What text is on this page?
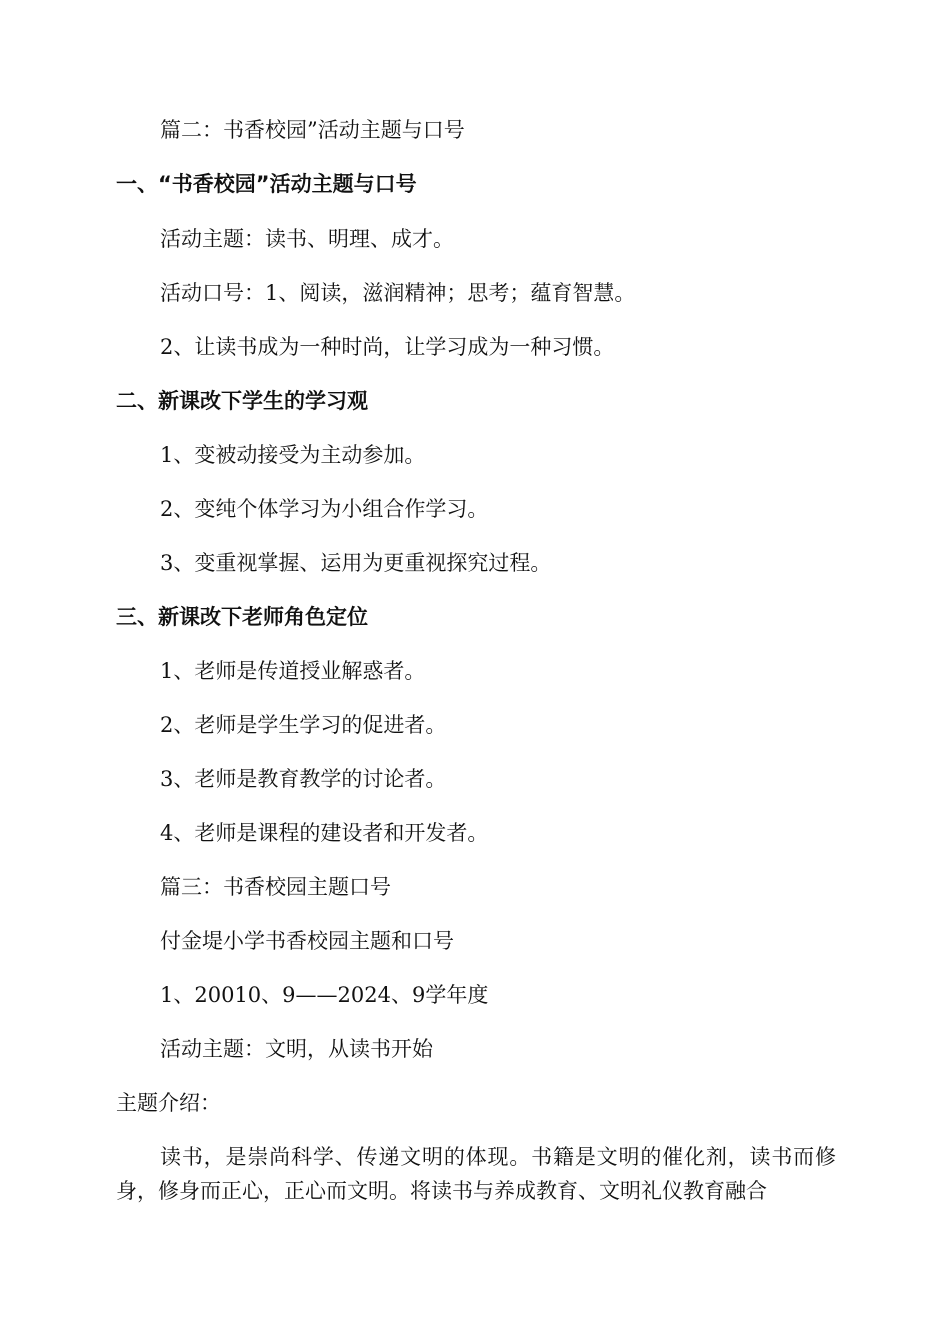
篇二：书香校园”活动主题与口号

一、“书香校园”活动主题与口号

活动主题：读书、明理、成才。

活动口号：1、阅读，滋润精神；思考；蕴育智慧。

2、让读书成为一种时尚，让学习成为一种习惯。

二、新课改下学生的学习观

1、变被动接受为主动参加。

2、变纯个体学习为小组合作学习。

3、变重视掌握、运用为更重视探究过程。

三、新课改下老师角色定位

1、老师是传道授业解惑者。

2、老师是学生学习的促进者。

3、老师是教育教学的讨论者。

4、老师是课程的建设者和开发者。

篇三：书香校园主题口号

付金堤小学书香校园主题和口号

1、20010、9——2024、9学年度

活动主题：文明，从读书开始

主题介绍：

读书，是崇尚科学、传递文明的体现。书籍是文明的催化剂，读书而修身，修身而正心，正心而文明。将读书与养成教育、文明礼仪教育融合
